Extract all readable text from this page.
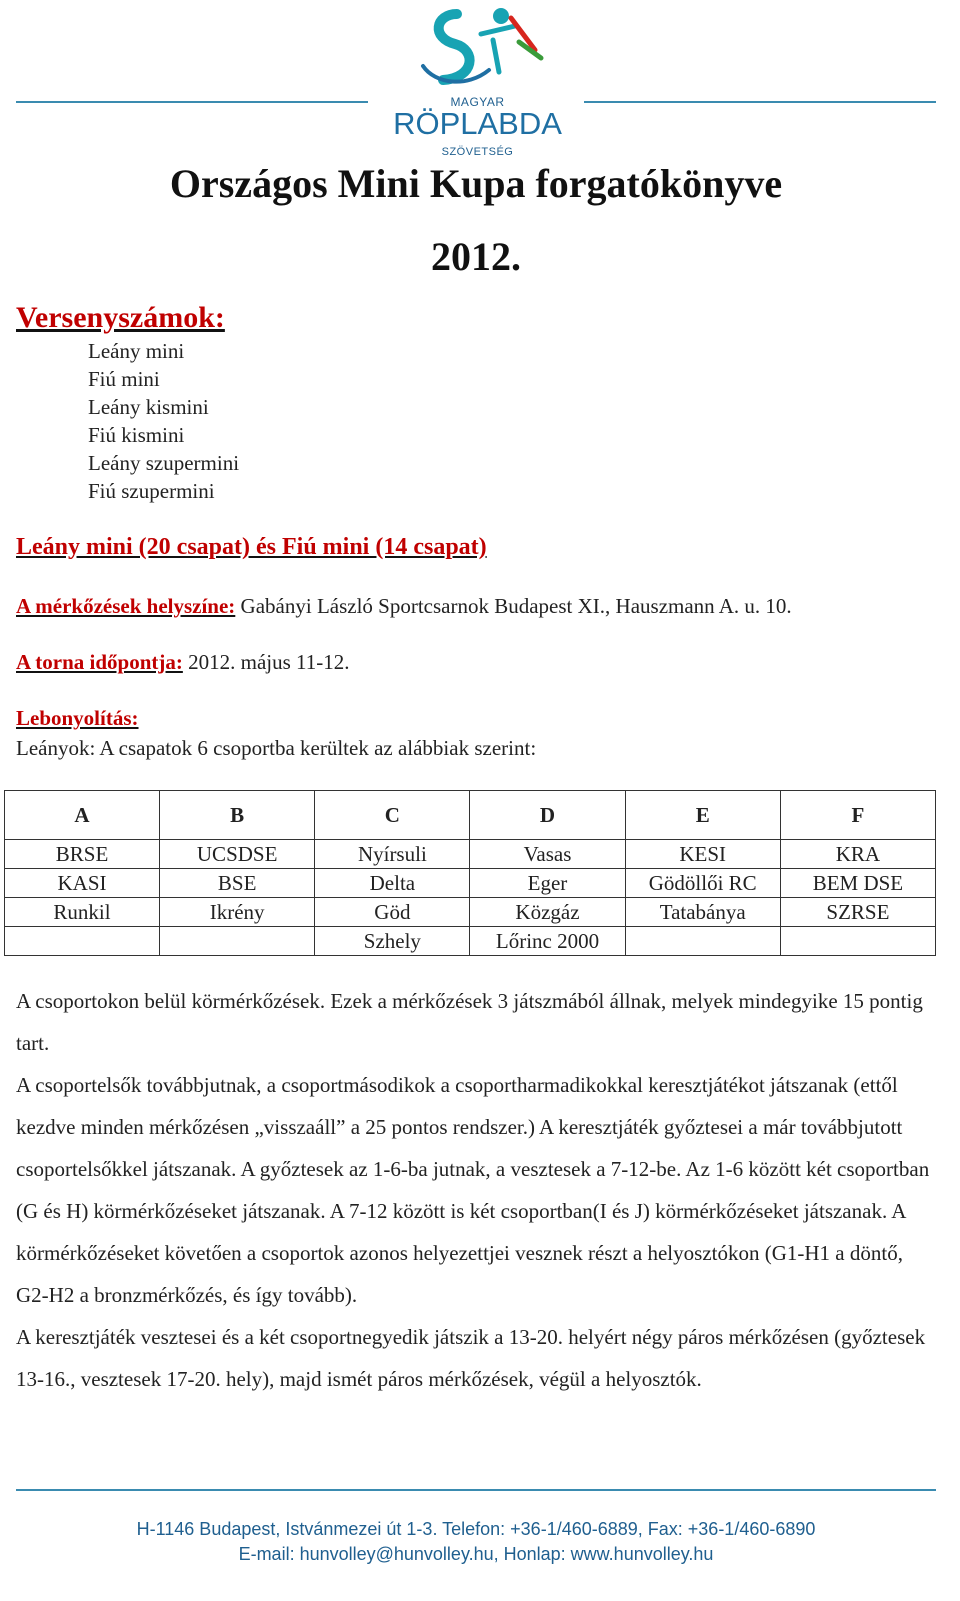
MAGYAR
RÖPLABDA
SZÖVETSÉG
Országos Mini Kupa forgatókönyve
2012.
Versenyszámok:
Leány mini
Fiú mini
Leány kismini
Fiú kismini
Leány szupermini
Fiú szupermini
Leány mini (20 csapat) és Fiú mini (14 csapat)
A mérkőzések helyszíne: Gabányi László Sportcsarnok Budapest XI., Hauszmann A. u. 10.
A torna időpontja: 2012. május 11-12.
Lebonyolítás:
Leányok: A csapatok 6 csoportba kerültek az alábbiak szerint:
A	B	C	D	E	F
BRSE	UCSDSE	Nyírsuli	Vasas	KESI	KRA
KASI	BSE	Delta	Eger	Gödöllői RC	BEM DSE
Runkil	Ikrény	Göd	Közgáz	Tatabánya	SZRSE
		Szhely	Lőrinc 2000		

A csoportokon belül körmérkőzések. Ezek a mérkőzések 3 játszmából állnak, melyek mindegyike 15 pontig tart.

A csoportelsők továbbjutnak, a csoportmásodikok a csoportharmadikokkal keresztjátékot játszanak (ettől kezdve minden mérkőzésen „visszaáll” a 25 pontos rendszer.) A keresztjáték győztesei a már továbbjutott csoportelsőkkel játszanak. A győztesek az 1-6-ba jutnak, a vesztesek a 7-12-be. Az 1-6 között két csoportban (G és H) körmérkőzéseket játszanak. A 7-12 között is két csoportban(I és J) körmérkőzéseket játszanak. A körmérkőzéseket követően a csoportok azonos helyezettjei vesznek részt a helyosztókon (G1-H1 a döntő, G2-H2 a bronzmérkőzés, és így tovább).

A keresztjáték vesztesei és a két csoportnegyedik játszik a 13-20. helyért négy páros mérkőzésen (győztesek 13-16., vesztesek 17-20. hely), majd ismét páros mérkőzések, végül a helyosztók.

H-1146 Budapest, Istvánmezei út 1-3. Telefon: +36-1/460-6889, Fax: +36-1/460-6890
E-mail: hunvolley@hunvolley.hu, Honlap: www.hunvolley.hu
